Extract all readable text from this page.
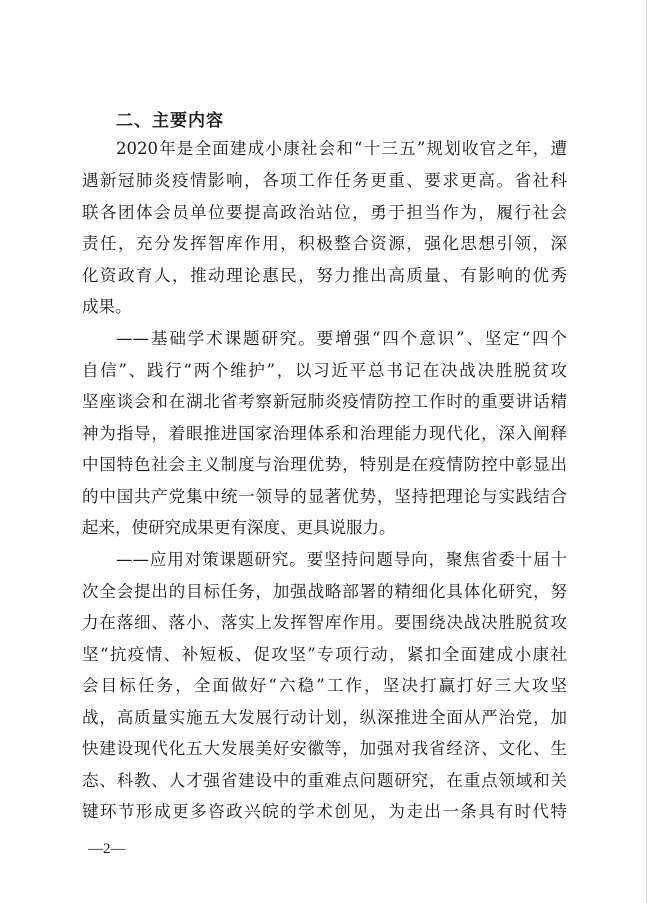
二、主要内容
2020年是全面建成小康社会和“十三五”规划收官之年，遭
遇新冠肺炎疫情影响，各项工作任务更重、要求更高。省社科
联各团体会员单位要提高政治站位，勇于担当作为，履行社会
责任，充分发挥智库作用，积极整合资源，强化思想引领，深
化资政育人，推动理论惠民，努力推出高质量、有影响的优秀
成果。
——基础学术课题研究。要增强“四个意识”、坚定“四个
自信”、践行“两个维护”，以习近平总书记在决战决胜脱贫攻
坚座谈会和在湖北省考察新冠肺炎疫情防控工作时的重要讲话精
神为指导，着眼推进国家治理体系和治理能力现代化，深入阐释
中国特色社会主义制度与治理优势，特别是在疫情防控中彰显出
的中国共产党集中统一领导的显著优势，坚持把理论与实践结合
起来，使研究成果更有深度、更具说服力。
——应用对策课题研究。要坚持问题导向，聚焦省委十届十
次全会提出的目标任务，加强战略部署的精细化具体化研究，努
力在落细、落小、落实上发挥智库作用。要围绕决战决胜脱贫攻
坚“抗疫情、补短板、促攻坚”专项行动，紧扣全面建成小康社
会目标任务，全面做好“六稳”工作，坚决打赢打好三大攻坚
战，高质量实施五大发展行动计划，纵深推进全面从严治党，加
快建设现代化五大发展美好安徽等，加强对我省经济、文化、生
态、科教、人才强省建设中的重难点问题研究，在重点领域和关
键环节形成更多咨政兴皖的学术创见，为走出一条具有时代特
—2—
